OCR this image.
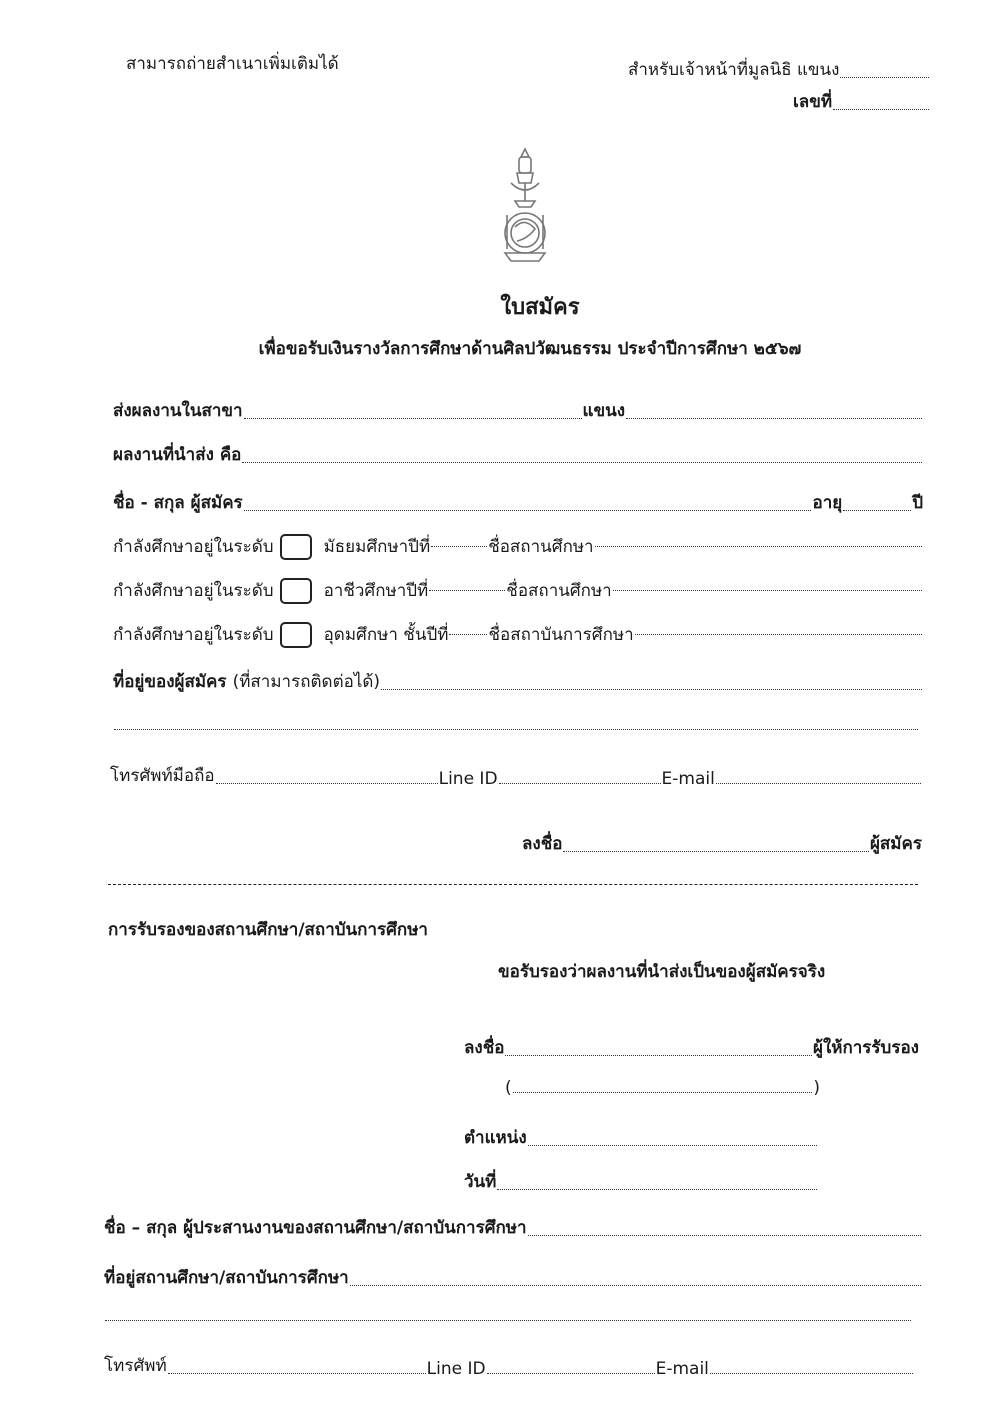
สามารถถ่ายสำเนาเพิ่มเติมได้	สำหรับเจ้าหน้าที่มูลนิธิ แขนง
เลขที่
ใบสมัคร
เพื่อขอรับเงินรางวัลการศึกษาด้านศิลปวัฒนธรรม ประจำปีการศึกษา ๒๕๖๗
ส่งผลงานในสาขา	แขนง
ผลงานที่นำส่ง คือ
ชื่อ - สกุล ผู้สมัคร	อายุ	ปี
กำลังศึกษาอยู่ในระดับ	มัธยมศึกษาปีที่	ชื่อสถานศึกษา
กำลังศึกษาอยู่ในระดับ	อาชีวศึกษาปีที่	ชื่อสถานศึกษา
กำลังศึกษาอยู่ในระดับ	อุดมศึกษา ชั้นปีที่ ชื่อสถาบันการศึกษา
ที่อยู่ของผู้สมัคร (ที่สามารถติดต่อได้)
โทรศัพท์มือถือ	Line ID	E-mail
ลงชื่อ	ผู้สมัคร
การรับรองของสถานศึกษา/สถาบันการศึกษา
ขอรับรองว่าผลงานที่นำส่งเป็นของผู้สมัครจริง
ลงชื่อ	ผู้ให้การรับรอง
(	)
ตำแหน่ง
วันที่
ชื่อ – สกุล ผู้ประสานงานของสถานศึกษา/สถาบันการศึกษา
ที่อยู่สถานศึกษา/สถาบันการศึกษา
โทรศัพท์	Line ID	E-mail
